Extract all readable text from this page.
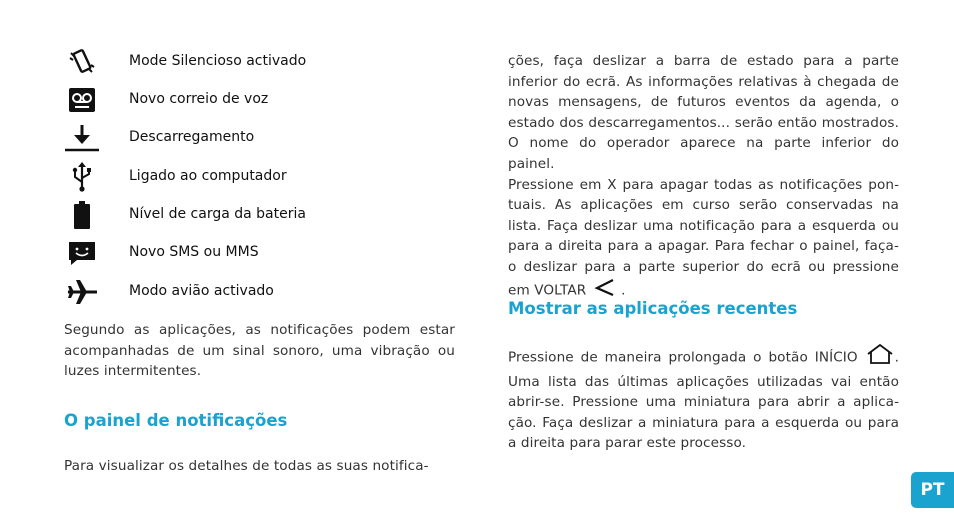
Mode Silencioso activado
Novo correio de voz
Descarregamento
Ligado ao computador
Nível de carga da bateria
Novo SMS ou MMS
Modo avião activado
Segundo as aplicações, as notificações podem estar acompanhadas de um sinal sonoro, uma vibração ou luzes intermitentes.
O painel de notificações
Para visualizar os detalhes de todas as suas notifica-
ções, faça deslizar a barra de estado para a parte inferior do ecrã. As informações relativas à chegada de novas mensagens, de futuros eventos da agenda, o estado dos descarregamentos... serão então mostrados. O nome do operador aparece na parte inferior do painel.
Pressione em X para apagar todas as notificações pontuais. As aplicações em curso serão conservadas na lista. Faça deslizar uma notificação para a esquerda ou para a direita para a apagar. Para fechar o painel, faça-o deslizar para a parte superior do ecrã ou pressione em VOLTAR	.
Mostrar as aplicações recentes
Pressione de maneira prolongada o botão INÍCIO	. Uma lista das últimas aplicações utilizadas vai então abrir-se. Pressione uma miniatura para abrir a aplicação. Faça deslizar a miniatura para a esquerda ou para a direita para parar este processo.
PT
